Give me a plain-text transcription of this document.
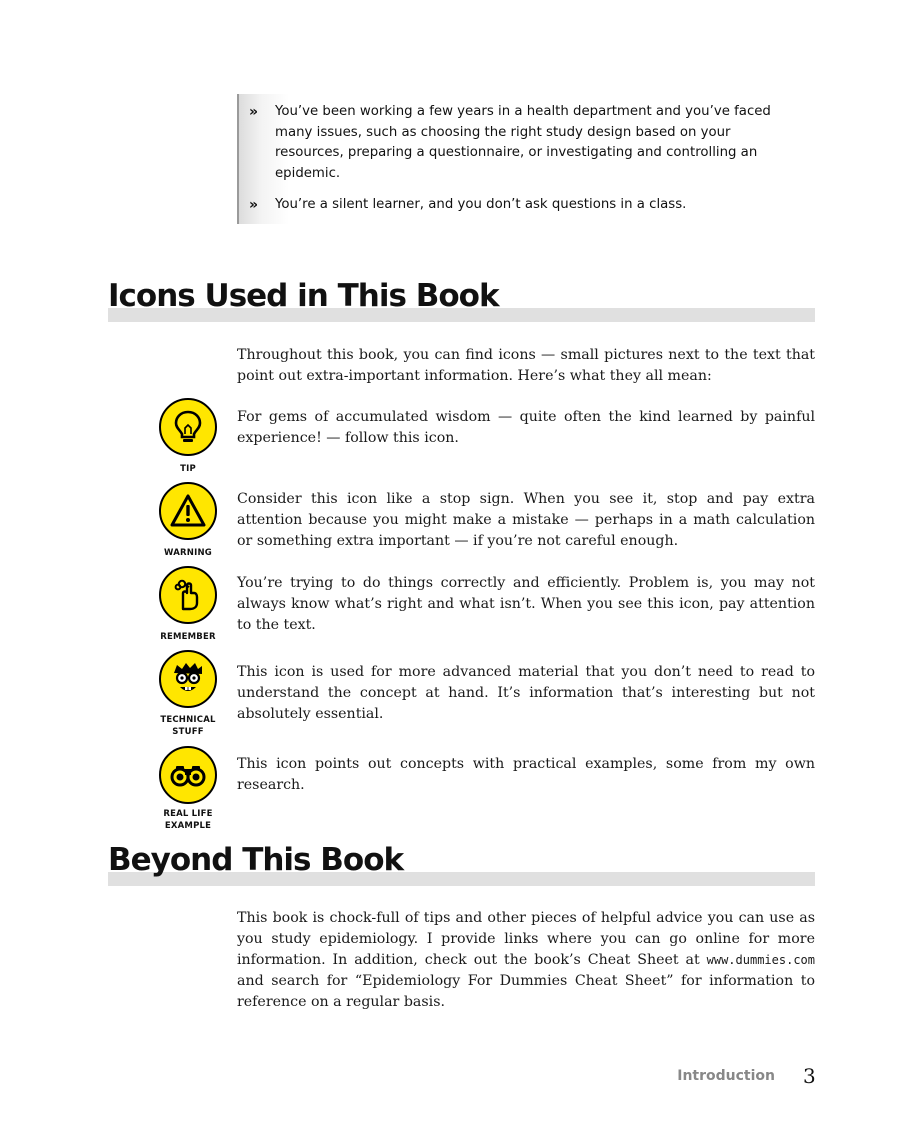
» You’ve been working a few years in a health department and you’ve faced many issues, such as choosing the right study design based on your resources, preparing a questionnaire, or investigating and controlling an epidemic.
» You’re a silent learner, and you don’t ask questions in a class.
Icons Used in This Book
Throughout this book, you can find icons — small pictures next to the text that point out extra-important information. Here’s what they all mean:
TIP
For gems of accumulated wisdom — quite often the kind learned by painful experience! — follow this icon.
WARNING
Consider this icon like a stop sign. When you see it, stop and pay extra attention because you might make a mistake — perhaps in a math calculation or something extra important — if you’re not careful enough.
REMEMBER
You’re trying to do things correctly and efficiently. Problem is, you may not always know what’s right and what isn’t. When you see this icon, pay attention to the text.
TECHNICAL STUFF
This icon is used for more advanced material that you don’t need to read to understand the concept at hand. It’s information that’s interesting but not absolutely essential.
REAL LIFE EXAMPLE
This icon points out concepts with practical examples, some from my own research.
Beyond This Book
This book is chock-full of tips and other pieces of helpful advice you can use as you study epidemiology. I provide links where you can go online for more information. In addition, check out the book’s Cheat Sheet at www.dummies.com and search for “Epidemiology For Dummies Cheat Sheet” for information to reference on a regular basis.
Introduction 3
